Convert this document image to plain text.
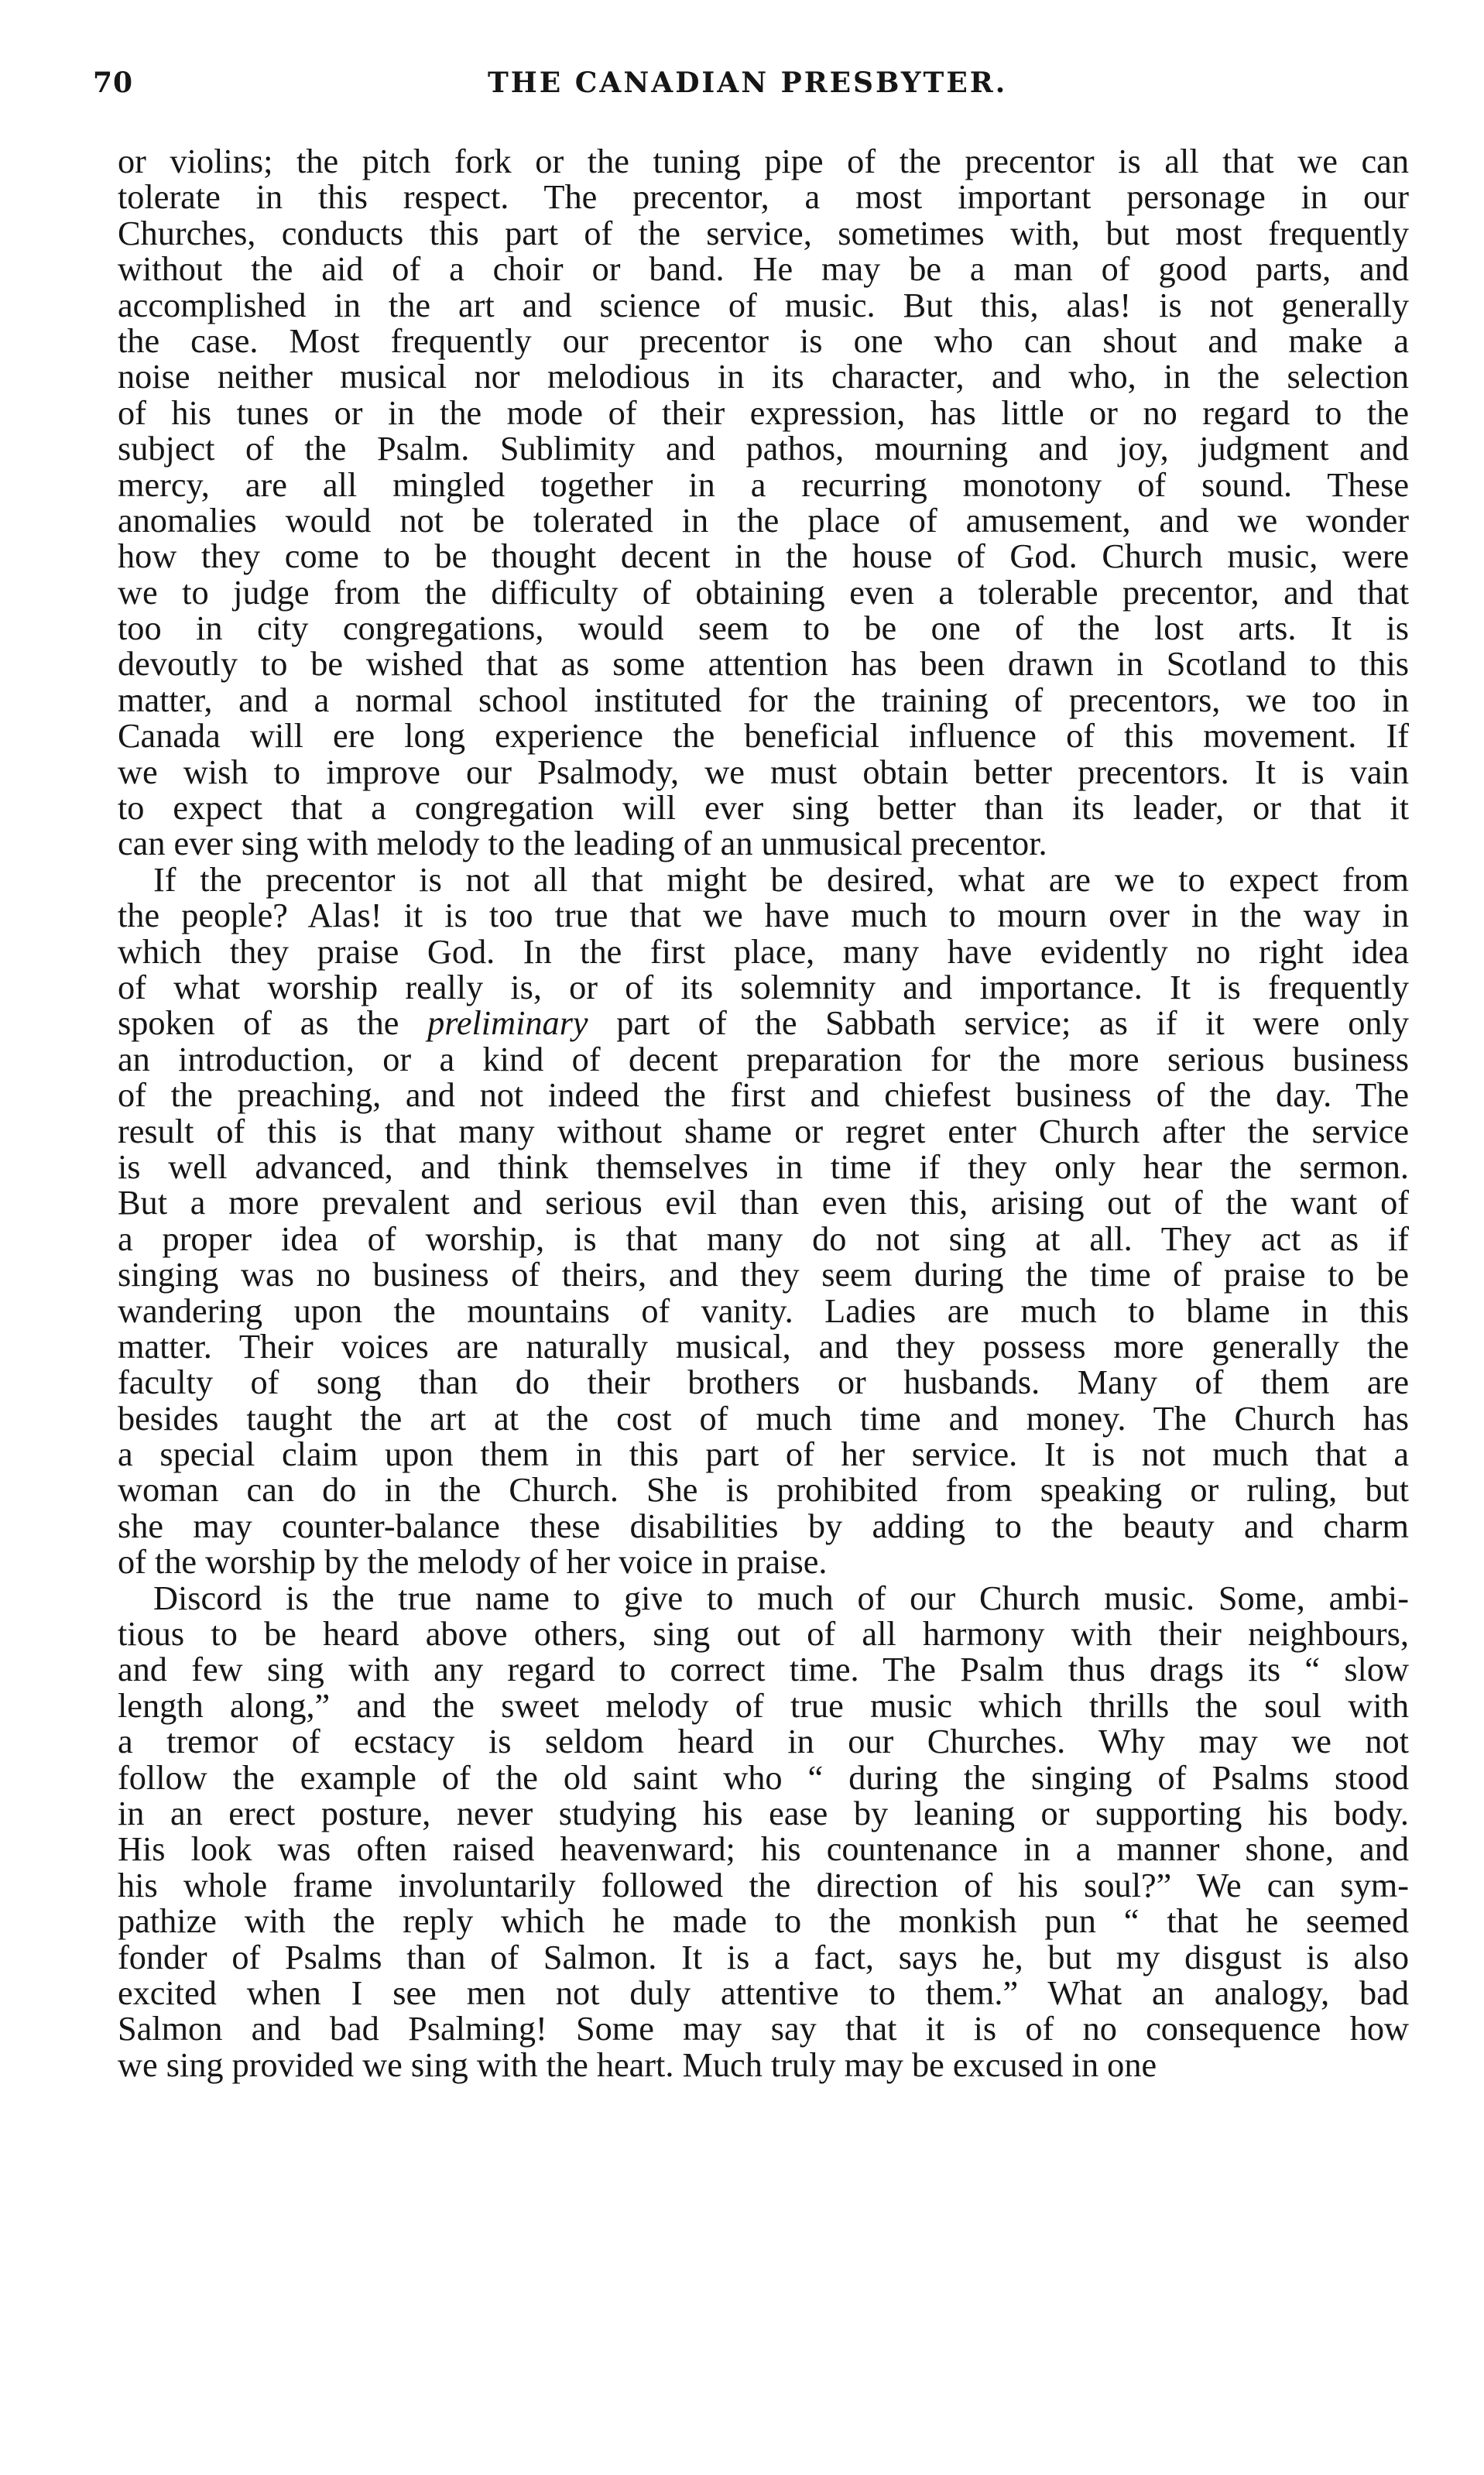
70	THE CANADIAN PRESBYTER.
or violins; the pitch fork or the tuning pipe of the precentor is all that we can
tolerate in this respect. The precentor, a most important personage in our
Churches, conducts this part of the service, sometimes with, but most frequently
without the aid of a choir or band. He may be a man of good parts, and
accomplished in the art and science of music. But this, alas! is not generally
the case. Most frequently our precentor is one who can shout and make a
noise neither musical nor melodious in its character, and who, in the selection
of his tunes or in the mode of their expression, has little or no regard to the
subject of the Psalm. Sublimity and pathos, mourning and joy, judgment and
mercy, are all mingled together in a recurring monotony of sound. These
anomalies would not be tolerated in the place of amusement, and we wonder
how they come to be thought decent in the house of God. Church music, were
we to judge from the difficulty of obtaining even a tolerable precentor, and that
too in city congregations, would seem to be one of the lost arts. It is
devoutly to be wished that as some attention has been drawn in Scotland to this
matter, and a normal school instituted for the training of precentors, we too in
Canada will ere long experience the beneficial influence of this movement. If
we wish to improve our Psalmody, we must obtain better precentors. It is vain
to expect that a congregation will ever sing better than its leader, or that it
can ever sing with melody to the leading of an unmusical precentor.
If the precentor is not all that might be desired, what are we to expect from
the people? Alas! it is too true that we have much to mourn over in the way in
which they praise God. In the first place, many have evidently no right idea
of what worship really is, or of its solemnity and importance. It is frequently
spoken of as the preliminary part of the Sabbath service; as if it were only
an introduction, or a kind of decent preparation for the more serious business
of the preaching, and not indeed the first and chiefest business of the day. The
result of this is that many without shame or regret enter Church after the service
is well advanced, and think themselves in time if they only hear the sermon.
But a more prevalent and serious evil than even this, arising out of the want of
a proper idea of worship, is that many do not sing at all. They act as if
singing was no business of theirs, and they seem during the time of praise to be
wandering upon the mountains of vanity. Ladies are much to blame in this
matter. Their voices are naturally musical, and they possess more generally the
faculty of song than do their brothers or husbands. Many of them are
besides taught the art at the cost of much time and money. The Church has
a special claim upon them in this part of her service. It is not much that a
woman can do in the Church. She is prohibited from speaking or ruling, but
she may counter-balance these disabilities by adding to the beauty and charm
of the worship by the melody of her voice in praise.
Discord is the true name to give to much of our Church music. Some, ambi-
tious to be heard above others, sing out of all harmony with their neighbours,
and few sing with any regard to correct time. The Psalm thus drags its “ slow
length along,” and the sweet melody of true music which thrills the soul with
a tremor of ecstacy is seldom heard in our Churches. Why may we not
follow the example of the old saint who “ during the singing of Psalms stood
in an erect posture, never studying his ease by leaning or supporting his body.
His look was often raised heavenward; his countenance in a manner shone, and
his whole frame involuntarily followed the direction of his soul?” We can sym-
pathize with the reply which he made to the monkish pun “ that he seemed
fonder of Psalms than of Salmon. It is a fact, says he, but my disgust is also
excited when I see men not duly attentive to them.” What an analogy, bad
Salmon and bad Psalming! Some may say that it is of no consequence how
we sing provided we sing with the heart. Much truly may be excused in one
